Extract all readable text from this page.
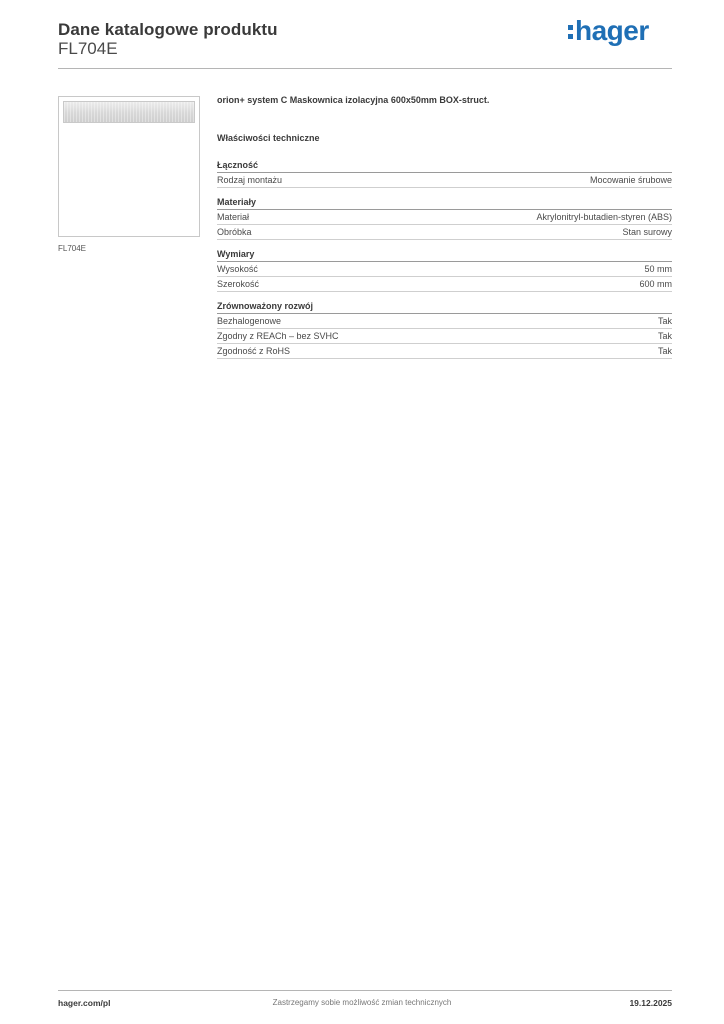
Dane katalogowe produktu
FL704E
hager
FL704E
orion+ system C Maskownica izolacyjna 600x50mm BOX-struct.
Właściwości techniczne
Łączność
Rodzaj montażu	Mocowanie śrubowe
Materiały
Materiał	Akrylonitryl-butadien-styren (ABS)
Obróbka	Stan surowy
Wymiary
Wysokość	50 mm
Szerokość	600 mm
Zrównoważony rozwój
Bezhalogenowe	Tak
Zgodny z REACh – bez SVHC	Tak
Zgodność z RoHS	Tak
hager.com/pl	Zastrzegamy sobie możliwość zmian technicznych	19.12.2025
